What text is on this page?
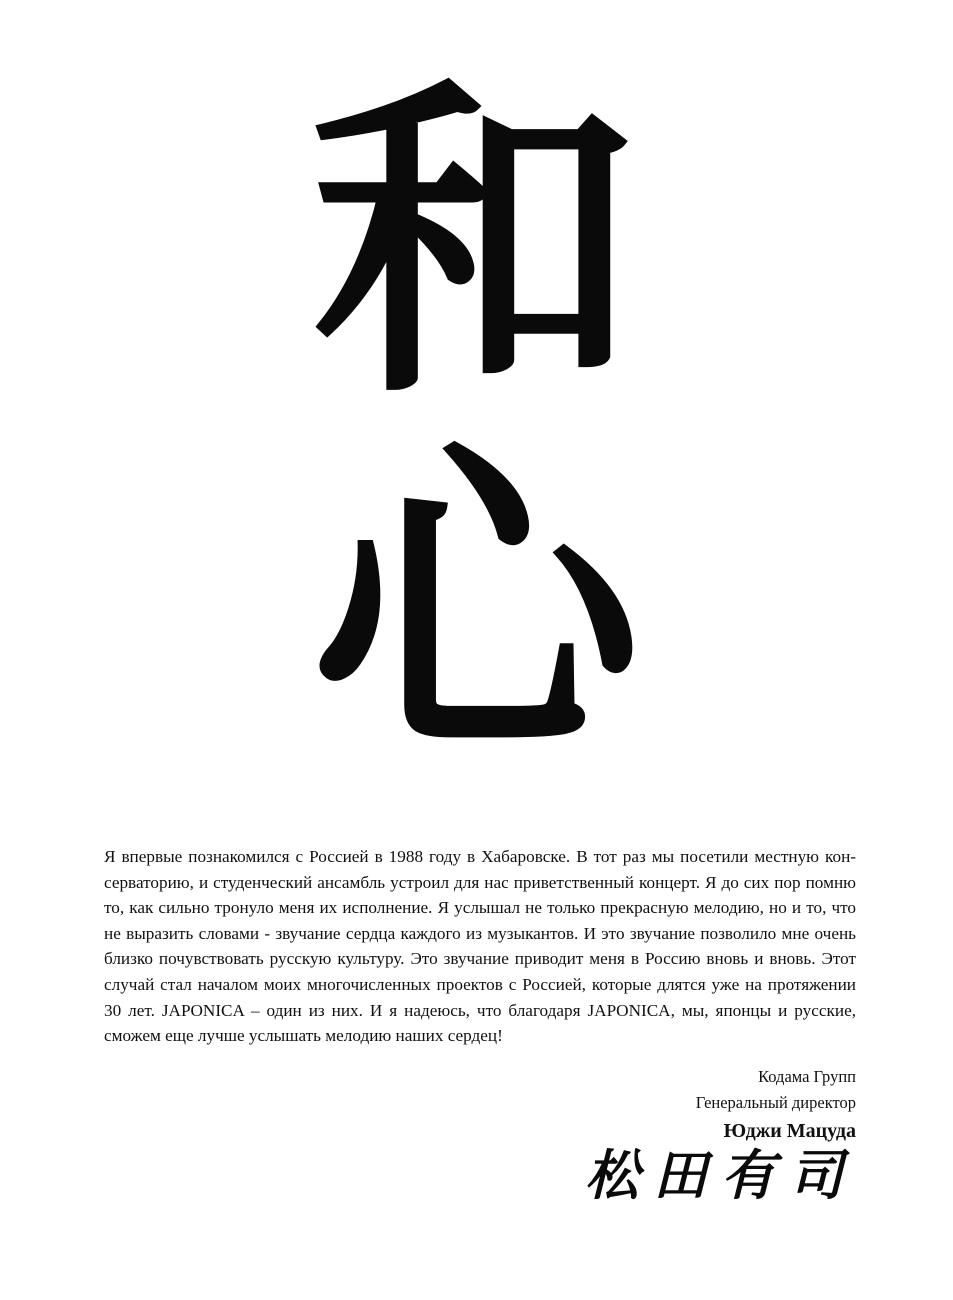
和
心

Я впервые познакомился с Россией в 1988 году в Хабаровске. В тот раз мы посетили местную консерваторию, и студенческий ансамбль устроил для нас приветственный концерт. Я до сих пор помню то, как сильно тронуло меня их исполнение. Я услышал не только прекрасную мелодию, но и то, что не выразить словами - звучание сердца каждого из музыкантов. И это звучание позволило мне очень близко почувствовать русскую культуру. Это звучание приводит меня в Россию вновь и вновь. Этот случай стал началом моих многочисленных проектов с Россией, которые длятся уже на протяжении 30 лет. JAPONICA – один из них. И я надеюсь, что благодаря JAPONICA, мы, японцы и русские, сможем еще лучше услышать мелодию наших сердец!

Кодама Групп
Генеральный директор
Юджи Мацуда
松田有司
